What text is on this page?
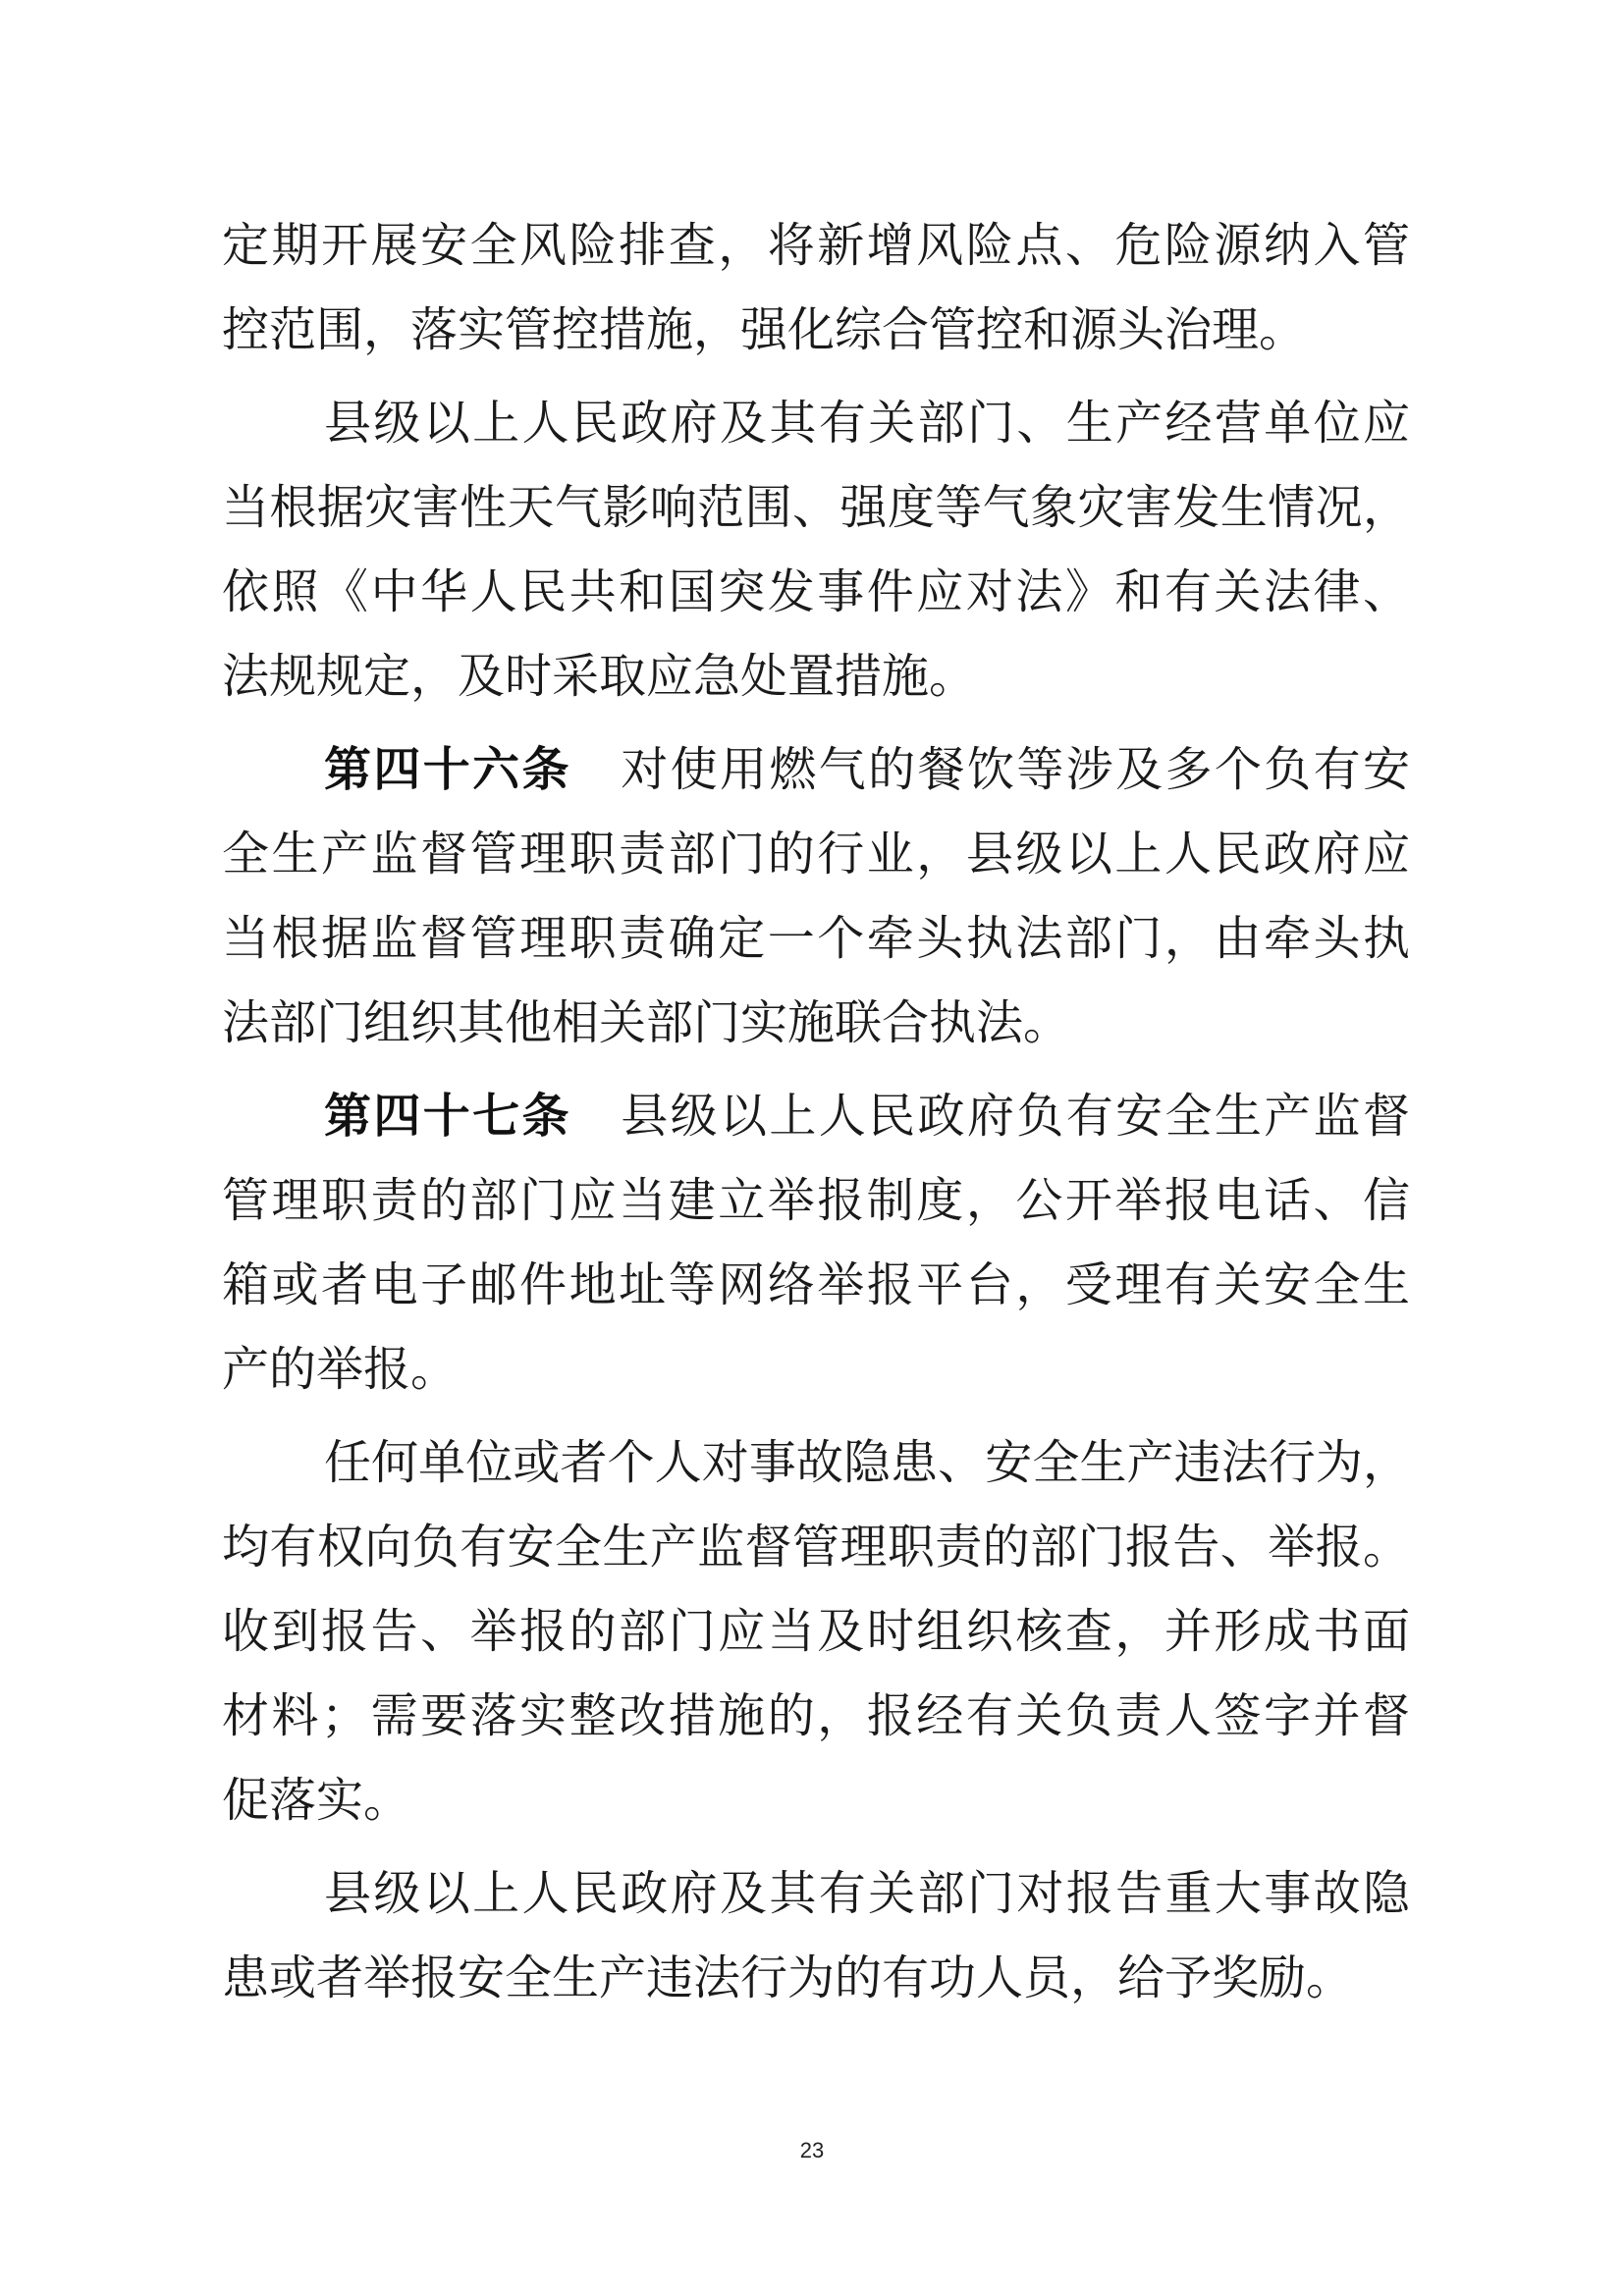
定期开展安全风险排查，将新增风险点、危险源纳入管
控范围，落实管控措施，强化综合管控和源头治理。
县级以上人民政府及其有关部门、生产经营单位应
当根据灾害性天气影响范围、强度等气象灾害发生情况，
依照《中华人民共和国突发事件应对法》和有关法律、
法规规定，及时采取应急处置措施。
第四十六条 对使用燃气的餐饮等涉及多个负有安
全生产监督管理职责部门的行业，县级以上人民政府应
当根据监督管理职责确定一个牵头执法部门，由牵头执
法部门组织其他相关部门实施联合执法。
第四十七条 县级以上人民政府负有安全生产监督
管理职责的部门应当建立举报制度，公开举报电话、信
箱或者电子邮件地址等网络举报平台，受理有关安全生
产的举报。
任何单位或者个人对事故隐患、安全生产违法行为，
均有权向负有安全生产监督管理职责的部门报告、举报。
收到报告、举报的部门应当及时组织核查，并形成书面
材料；需要落实整改措施的，报经有关负责人签字并督
促落实。
县级以上人民政府及其有关部门对报告重大事故隐
患或者举报安全生产违法行为的有功人员，给予奖励。
23
